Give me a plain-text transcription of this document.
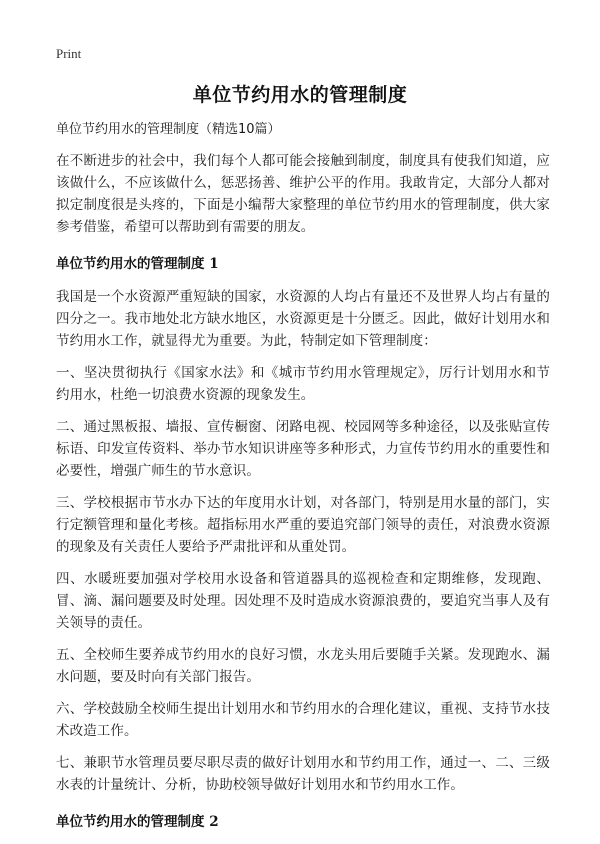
Print
单位节约用水的管理制度

单位节约用水的管理制度（精选10篇）

在不断进步的社会中，我们每个人都可能会接触到制度，制度具有使我们知道，应该做什么，不应该做什么，惩恶扬善、维护公平的作用。我敢肯定，大部分人都对拟定制度很是头疼的，下面是小编帮大家整理的单位节约用水的管理制度，供大家参考借鉴，希望可以帮助到有需要的朋友。

单位节约用水的管理制度 1

我国是一个水资源严重短缺的国家，水资源的人均占有量还不及世界人均占有量的四分之一。我市地处北方缺水地区，水资源更是十分匮乏。因此，做好计划用水和节约用水工作，就显得尤为重要。为此，特制定如下管理制度：

一、坚决贯彻执行《国家水法》和《城市节约用水管理规定》，厉行计划用水和节约用水，杜绝一切浪费水资源的现象发生。

二、通过黑板报、墙报、宣传橱窗、闭路电视、校园网等多种途径，以及张贴宣传标语、印发宣传资料、举办节水知识讲座等多种形式，力宣传节约用水的重要性和必要性，增强广师生的节水意识。

三、学校根据市节水办下达的年度用水计划，对各部门，特别是用水量的部门，实行定额管理和量化考核。超指标用水严重的要追究部门领导的责任，对浪费水资源的现象及有关责任人要给予严肃批评和从重处罚。

四、水暖班要加强对学校用水设备和管道器具的巡视检查和定期维修，发现跑、冒、滴、漏问题要及时处理。因处理不及时造成水资源浪费的，要追究当事人及有关领导的责任。

五、全校师生要养成节约用水的良好习惯，水龙头用后要随手关紧。发现跑水、漏水问题，要及时向有关部门报告。

六、学校鼓励全校师生提出计划用水和节约用水的合理化建议，重视、支持节水技术改造工作。

七、兼职节水管理员要尽职尽责的做好计划用水和节约用工作，通过一、二、三级水表的计量统计、分析，协助校领导做好计划用水和节约用水工作。

单位节约用水的管理制度 2
